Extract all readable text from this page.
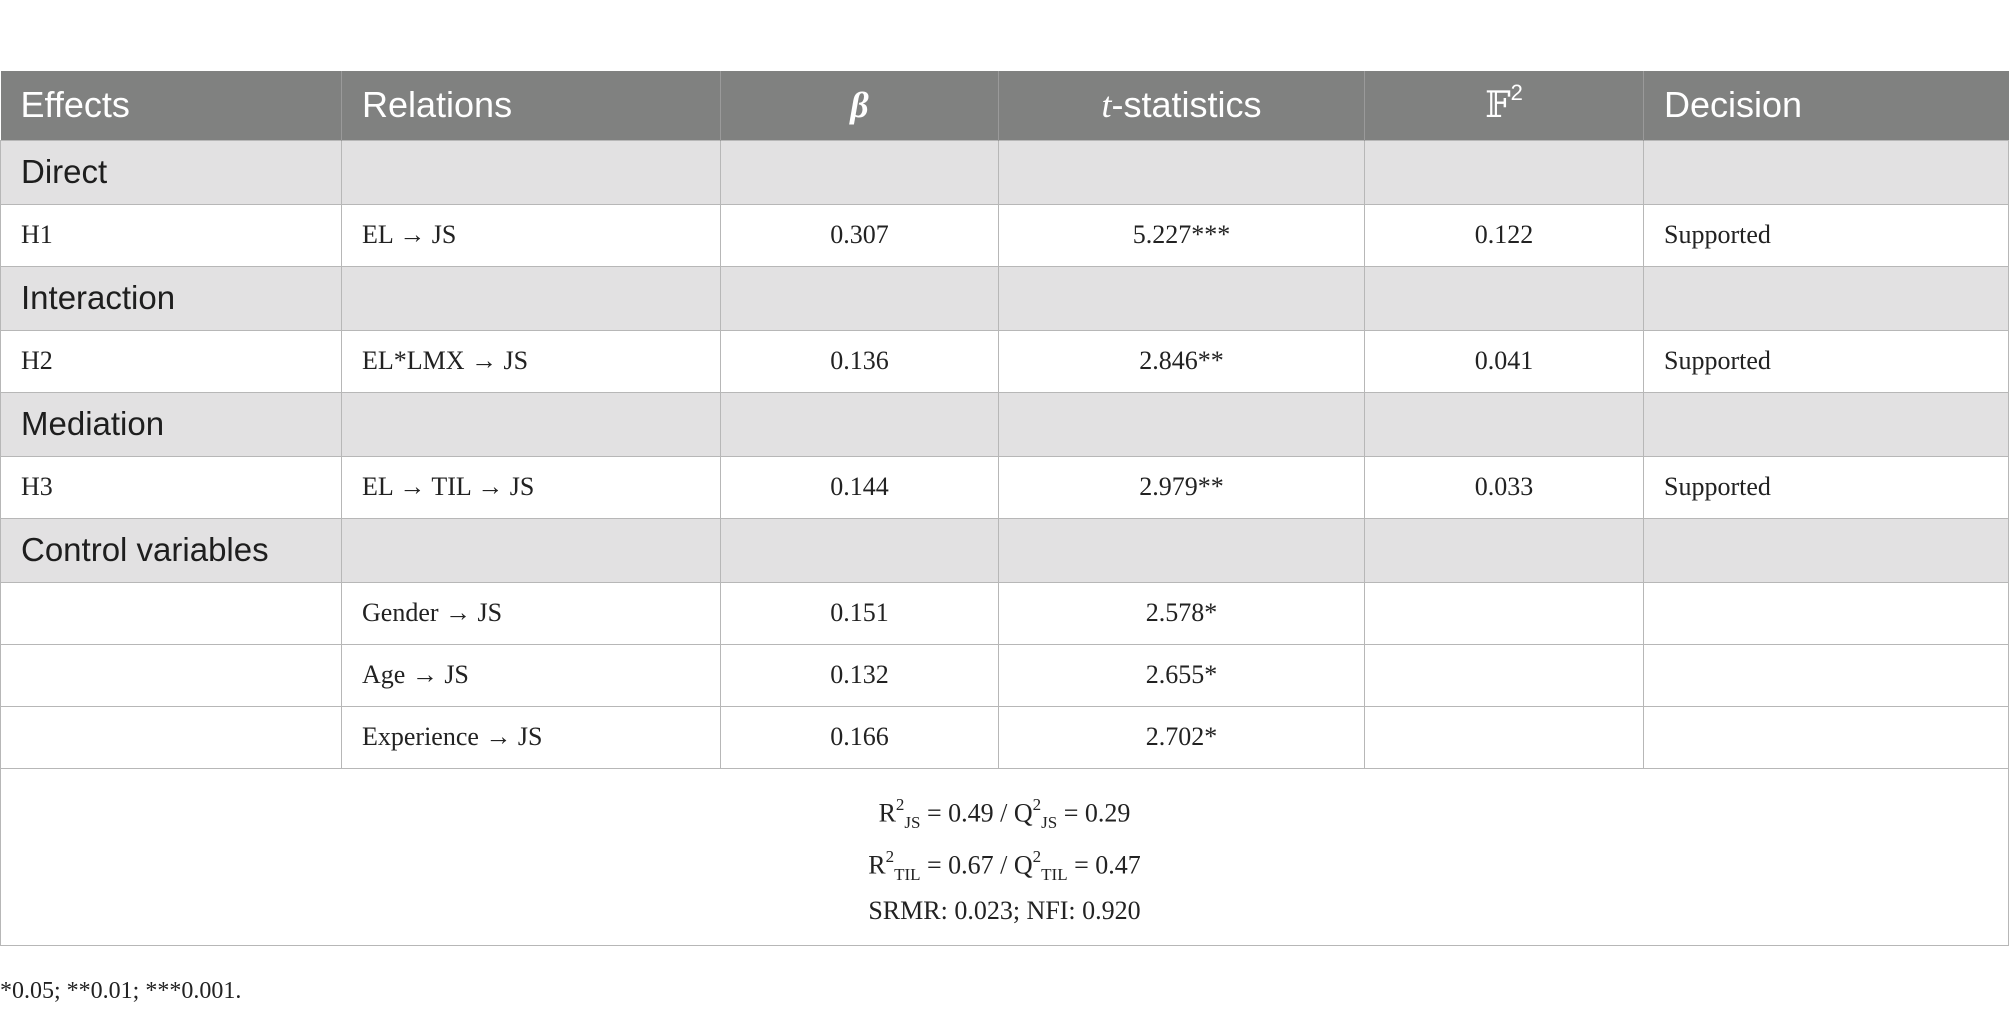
Effects	Relations	β	t-statistics	𝔽$^2$	Decision
Direct					
H1	EL → JS	0.307	5.227***	0.122	Supported
Interaction					
H2	EL*LMX → JS	0.136	2.846**	0.041	Supported
Mediation					
H3	EL → TIL → JS	0.144	2.979**	0.033	Supported
Control variables					
	Gender → JS	0.151	2.578*		
	Age → JS	0.132	2.655*		
	Experience → JS	0.166	2.702*		

$R^2_{JS} = 0.49 / Q^2_{JS} = 0.29$
$R^2_{TIL} = 0.67 / Q^2_{TIL} = 0.47$
SRMR: 0.023; NFI: 0.920					
*0.05; **0.01; ***0.001.
